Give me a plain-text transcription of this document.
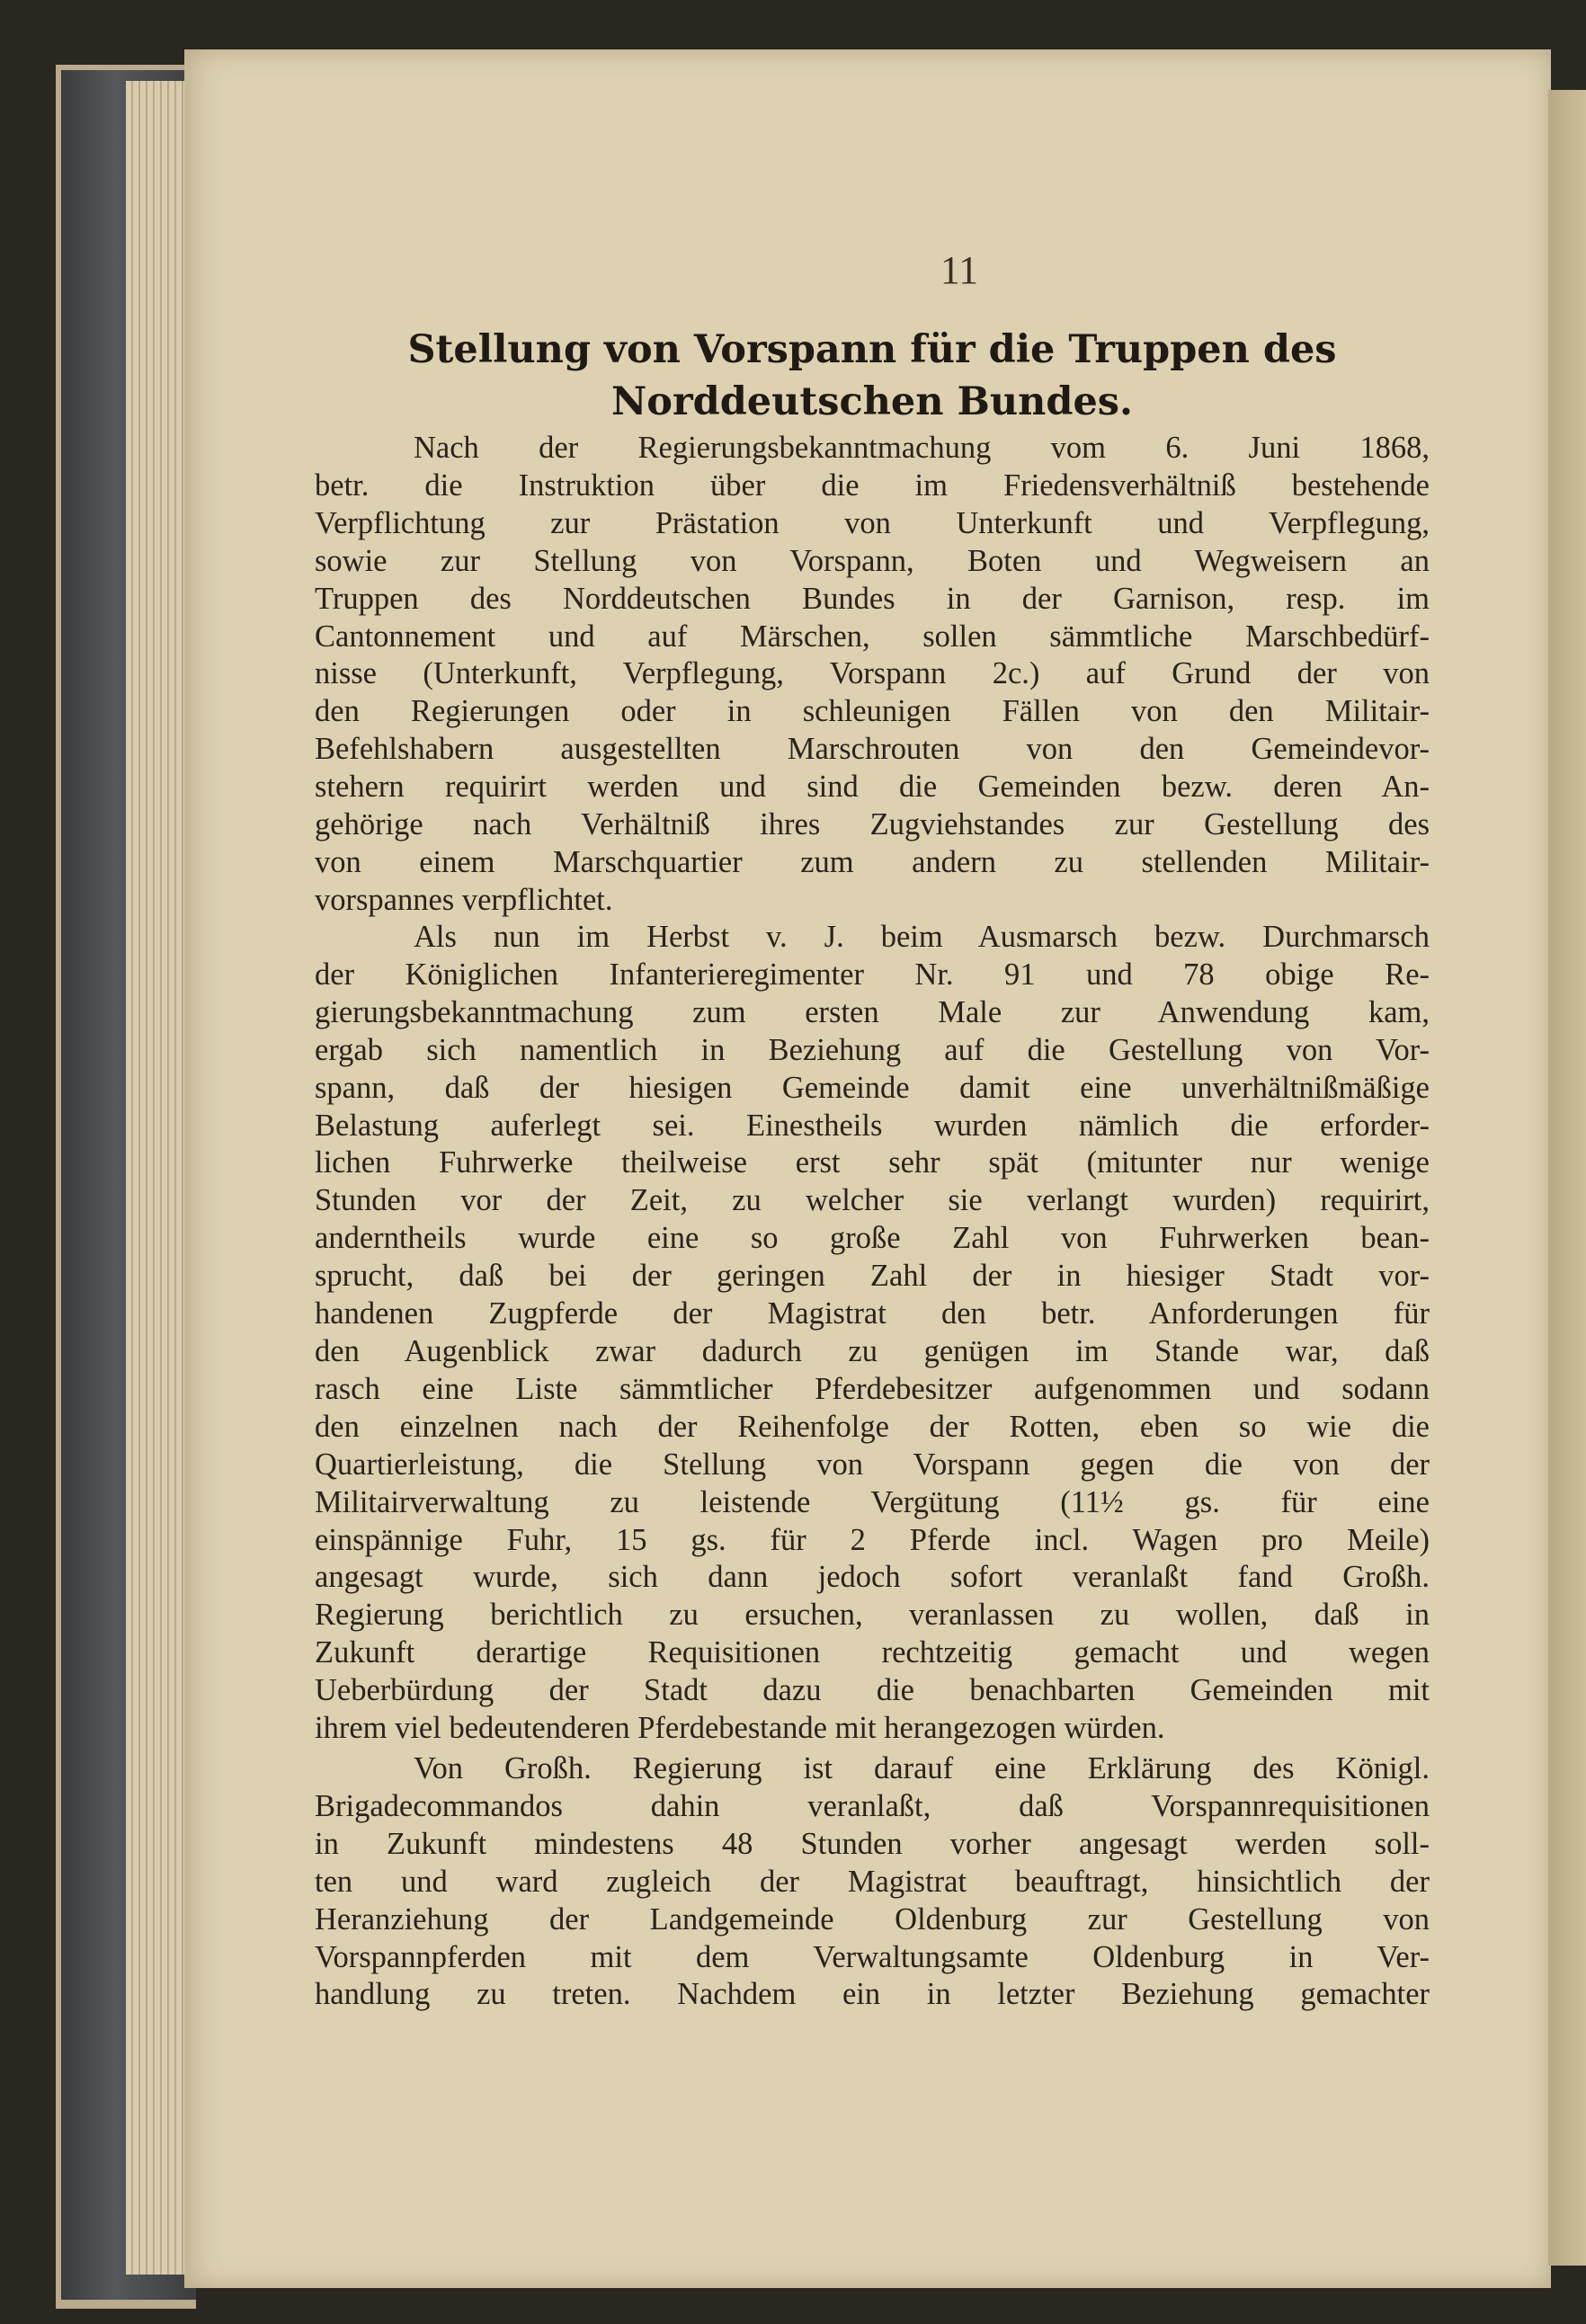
11

Stellung von Vorspann für die Truppen des
Norddeutschen Bundes.
Nach der Regierungsbekanntmachung vom 6. Juni 1868,
betr. die Instruktion über die im Friedensverhältniß bestehende
Verpflichtung zur Prästation von Unterkunft und Verpflegung,
sowie zur Stellung von Vorspann, Boten und Wegweisern an
Truppen des Norddeutschen Bundes in der Garnison, resp. im
Cantonnement und auf Märschen, sollen sämmtliche Marschbedürf-
nisse (Unterkunft, Verpflegung, Vorspann 2c.) auf Grund der von
den Regierungen oder in schleunigen Fällen von den Militair-
Befehlshabern ausgestellten Marschrouten von den Gemeindevor-
stehern requirirt werden und sind die Gemeinden bezw. deren An-
gehörige nach Verhältniß ihres Zugviehstandes zur Gestellung des
von einem Marschquartier zum andern zu stellenden Militair-
vorspannes verpflichtet.
Als nun im Herbst v. J. beim Ausmarsch bezw. Durchmarsch
der Königlichen Infanterieregimenter Nr. 91 und 78 obige Re-
gierungsbekanntmachung zum ersten Male zur Anwendung kam,
ergab sich namentlich in Beziehung auf die Gestellung von Vor-
spann, daß der hiesigen Gemeinde damit eine unverhältnißmäßige
Belastung auferlegt sei. Einestheils wurden nämlich die erforder-
lichen Fuhrwerke theilweise erst sehr spät (mitunter nur wenige
Stunden vor der Zeit, zu welcher sie verlangt wurden) requirirt,
anderntheils wurde eine so große Zahl von Fuhrwerken bean-
sprucht, daß bei der geringen Zahl der in hiesiger Stadt vor-
handenen Zugpferde der Magistrat den betr. Anforderungen für
den Augenblick zwar dadurch zu genügen im Stande war, daß
rasch eine Liste sämmtlicher Pferdebesitzer aufgenommen und sodann
den einzelnen nach der Reihenfolge der Rotten, eben so wie die
Quartierleistung, die Stellung von Vorspann gegen die von der
Militairverwaltung zu leistende Vergütung (11½ gs. für eine
einspännige Fuhr, 15 gs. für 2 Pferde incl. Wagen pro Meile)
angesagt wurde, sich dann jedoch sofort veranlaßt fand Großh.
Regierung berichtlich zu ersuchen, veranlassen zu wollen, daß in
Zukunft derartige Requisitionen rechtzeitig gemacht und wegen
Ueberbürdung der Stadt dazu die benachbarten Gemeinden mit
ihrem viel bedeutenderen Pferdebestande mit herangezogen würden.
Von Großh. Regierung ist darauf eine Erklärung des Königl.
Brigadecommandos dahin veranlaßt, daß Vorspannrequisitionen
in Zukunft mindestens 48 Stunden vorher angesagt werden soll-
ten und ward zugleich der Magistrat beauftragt, hinsichtlich der
Heranziehung der Landgemeinde Oldenburg zur Gestellung von
Vorspannpferden mit dem Verwaltungsamte Oldenburg in Ver-
handlung zu treten. Nachdem ein in letzter Beziehung gemachter
